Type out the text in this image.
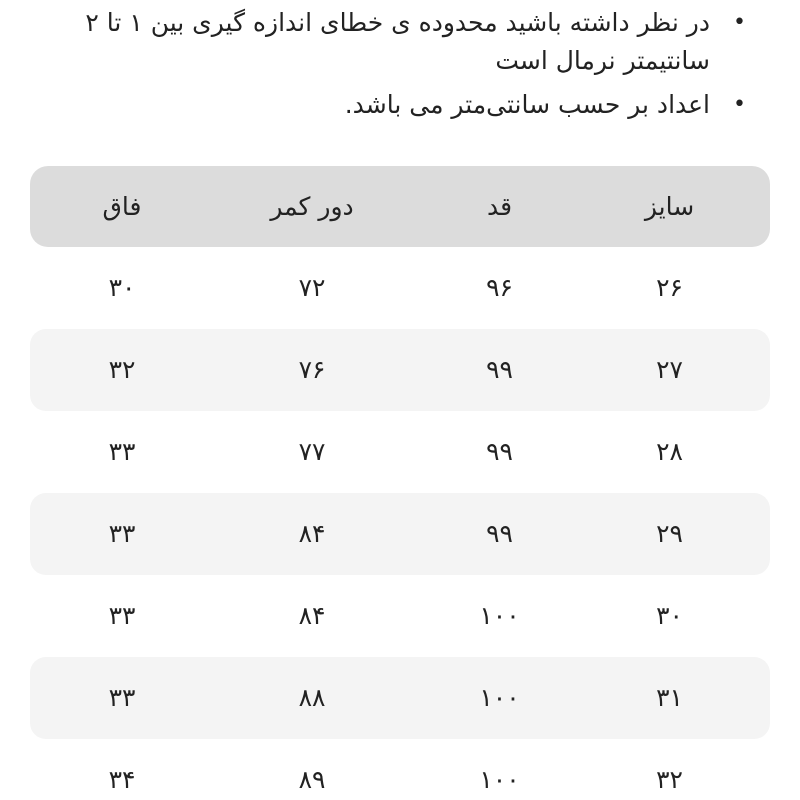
•
در نظر داشته باشید محدوده ی خطای اندازه گیری بین ۱ تا ۲ سانتیمتر نرمال است
•
اعداد بر حسب سانتی‌متر می باشد.
سایز
قد
دور کمر
فاق
۲۶
۹۶
۷۲
۳۰
۲۷
۹۹
۷۶
۳۲
۲۸
۹۹
۷۷
۳۳
۲۹
۹۹
۸۴
۳۳
۳۰
۱۰۰
۸۴
۳۳
۳۱
۱۰۰
۸۸
۳۳
۳۲
۱۰۰
۸۹
۳۴
